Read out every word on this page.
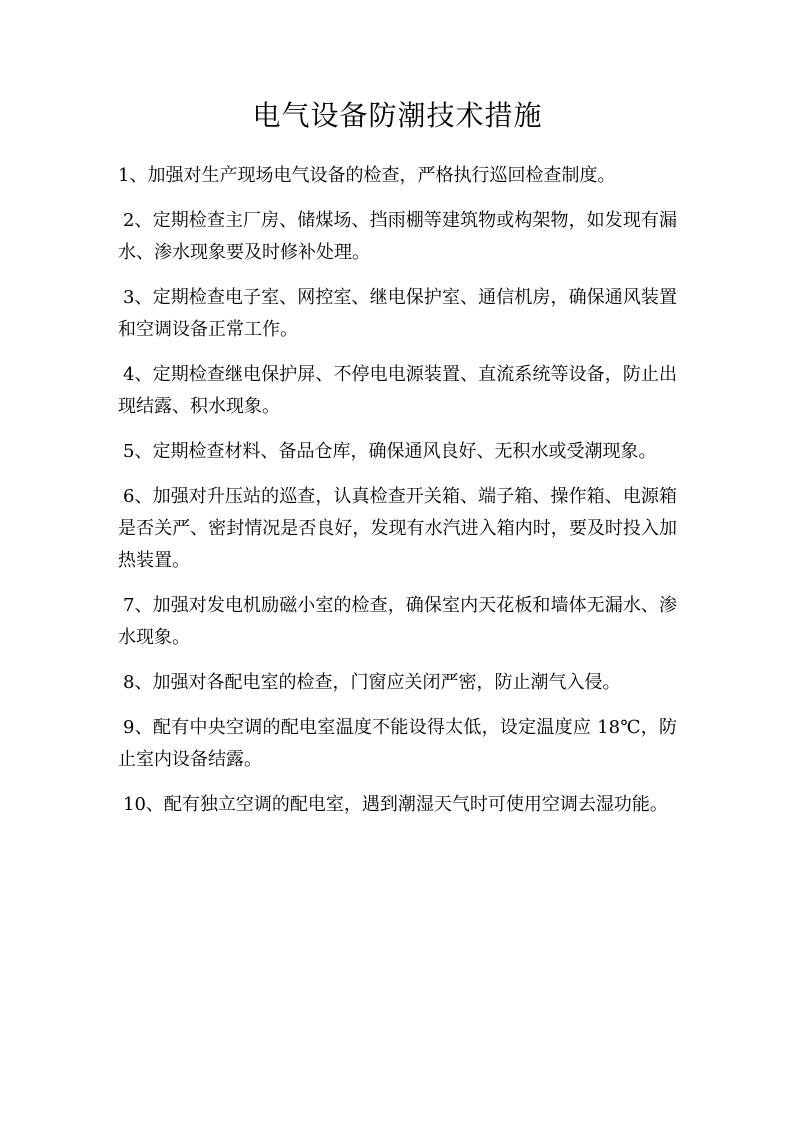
电气设备防潮技术措施

1、加强对生产现场电气设备的检查，严格执行巡回检查制度。

2、定期检查主厂房、储煤场、挡雨棚等建筑物或构架物，如发现有漏水、渗水现象要及时修补处理。

3、定期检查电子室、网控室、继电保护室、通信机房，确保通风装置和空调设备正常工作。

4、定期检查继电保护屏、不停电电源装置、直流系统等设备，防止出现结露、积水现象。

5、定期检查材料、备品仓库，确保通风良好、无积水或受潮现象。

6、加强对升压站的巡查，认真检查开关箱、端子箱、操作箱、电源箱是否关严、密封情况是否良好，发现有水汽进入箱内时，要及时投入加热装置。

7、加强对发电机励磁小室的检查，确保室内天花板和墙体无漏水、渗水现象。

8、加强对各配电室的检查，门窗应关闭严密，防止潮气入侵。

9、配有中央空调的配电室温度不能设得太低，设定温度应 18℃，防止室内设备结露。

10、配有独立空调的配电室，遇到潮湿天气时可使用空调去湿功能。
